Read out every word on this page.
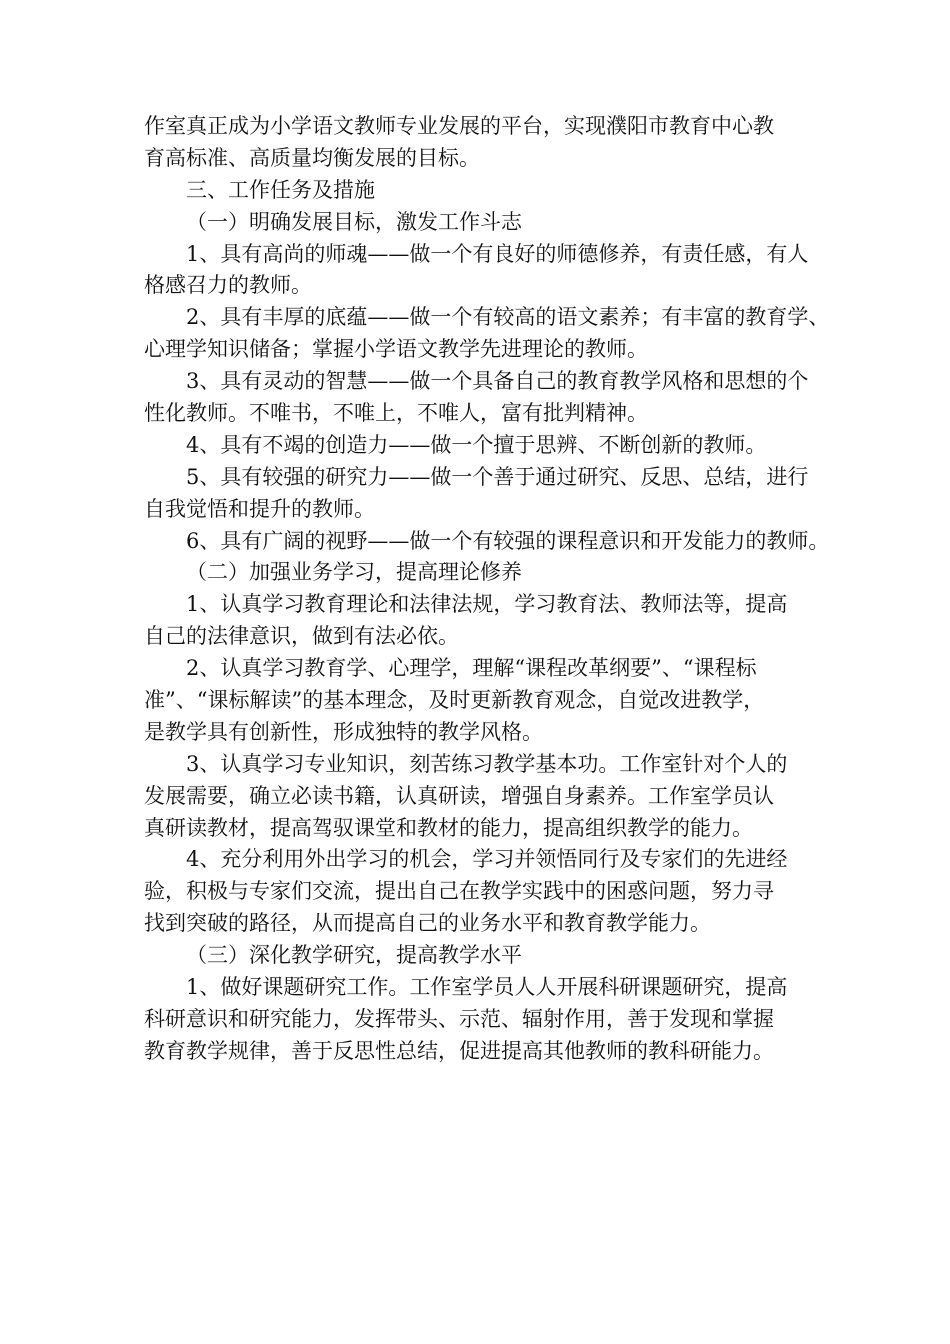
作室真正成为小学语文教师专业发展的平台，实现濮阳市教育中心教
育高标准、高质量均衡发展的目标。
三、工作任务及措施
（一）明确发展目标，激发工作斗志
1、具有高尚的师魂——做一个有良好的师德修养，有责任感，有人
格感召力的教师。
2、具有丰厚的底蕴——做一个有较高的语文素养；有丰富的教育学、
心理学知识储备；掌握小学语文教学先进理论的教师。
3、具有灵动的智慧——做一个具备自己的教育教学风格和思想的个
性化教师。不唯书，不唯上，不唯人，富有批判精神。
4、具有不竭的创造力——做一个擅于思辨、不断创新的教师。
5、具有较强的研究力——做一个善于通过研究、反思、总结，进行
自我觉悟和提升的教师。
6、具有广阔的视野——做一个有较强的课程意识和开发能力的教师。
（二）加强业务学习，提高理论修养
1、认真学习教育理论和法律法规，学习教育法、教师法等，提高
自己的法律意识，做到有法必依。
2、认真学习教育学、心理学，理解“课程改革纲要”、“课程标
准”、“课标解读”的基本理念，及时更新教育观念，自觉改进教学，
是教学具有创新性，形成独特的教学风格。
3、认真学习专业知识，刻苦练习教学基本功。工作室针对个人的
发展需要，确立必读书籍，认真研读，增强自身素养。工作室学员认
真研读教材，提高驾驭课堂和教材的能力，提高组织教学的能力。
4、充分利用外出学习的机会，学习并领悟同行及专家们的先进经
验，积极与专家们交流，提出自己在教学实践中的困惑问题，努力寻
找到突破的路径，从而提高自己的业务水平和教育教学能力。
（三）深化教学研究，提高教学水平
1、做好课题研究工作。工作室学员人人开展科研课题研究，提高
科研意识和研究能力，发挥带头、示范、辐射作用，善于发现和掌握
教育教学规律，善于反思性总结，促进提高其他教师的教科研能力。
